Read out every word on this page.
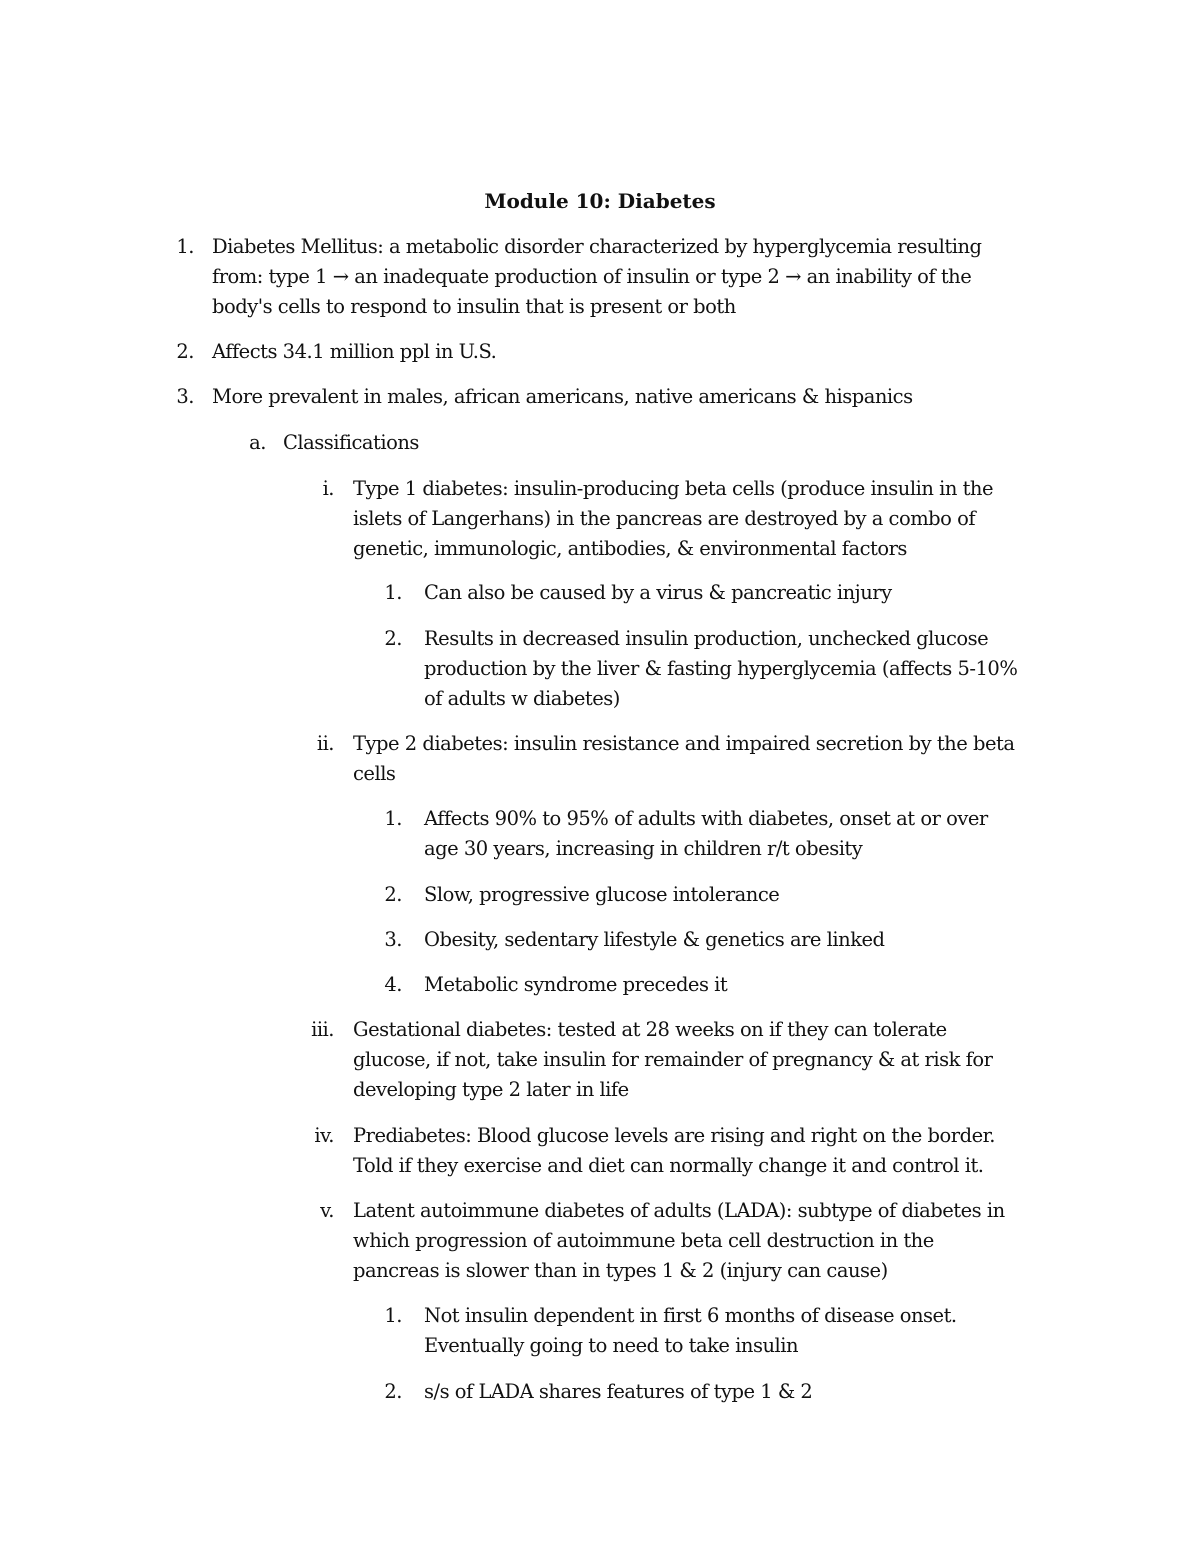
Module 10: Diabetes
1. Diabetes Mellitus: a metabolic disorder characterized by hyperglycemia resulting
from: type 1 → an inadequate production of insulin or type 2 → an inability of the
body's cells to respond to insulin that is present or both
2. Affects 34.1 million ppl in U.S.
3. More prevalent in males, african americans, native americans & hispanics
a. Classifications
i. Type 1 diabetes: insulin-producing beta cells (produce insulin in the
islets of Langerhans) in the pancreas are destroyed by a combo of
genetic, immunologic, antibodies, & environmental factors
1. Can also be caused by a virus & pancreatic injury
2. Results in decreased insulin production, unchecked glucose
production by the liver & fasting hyperglycemia (affects 5-10%
of adults w diabetes)
ii. Type 2 diabetes: insulin resistance and impaired secretion by the beta
cells
1. Affects 90% to 95% of adults with diabetes, onset at or over
age 30 years, increasing in children r/t obesity
2. Slow, progressive glucose intolerance
3. Obesity, sedentary lifestyle & genetics are linked
4. Metabolic syndrome precedes it
iii. Gestational diabetes: tested at 28 weeks on if they can tolerate
glucose, if not, take insulin for remainder of pregnancy & at risk for
developing type 2 later in life
iv. Prediabetes: Blood glucose levels are rising and right on the border.
Told if they exercise and diet can normally change it and control it.
v. Latent autoimmune diabetes of adults (LADA): subtype of diabetes in
which progression of autoimmune beta cell destruction in the
pancreas is slower than in types 1 & 2 (injury can cause)
1. Not insulin dependent in first 6 months of disease onset.
Eventually going to need to take insulin
2. s/s of LADA shares features of type 1 & 2
